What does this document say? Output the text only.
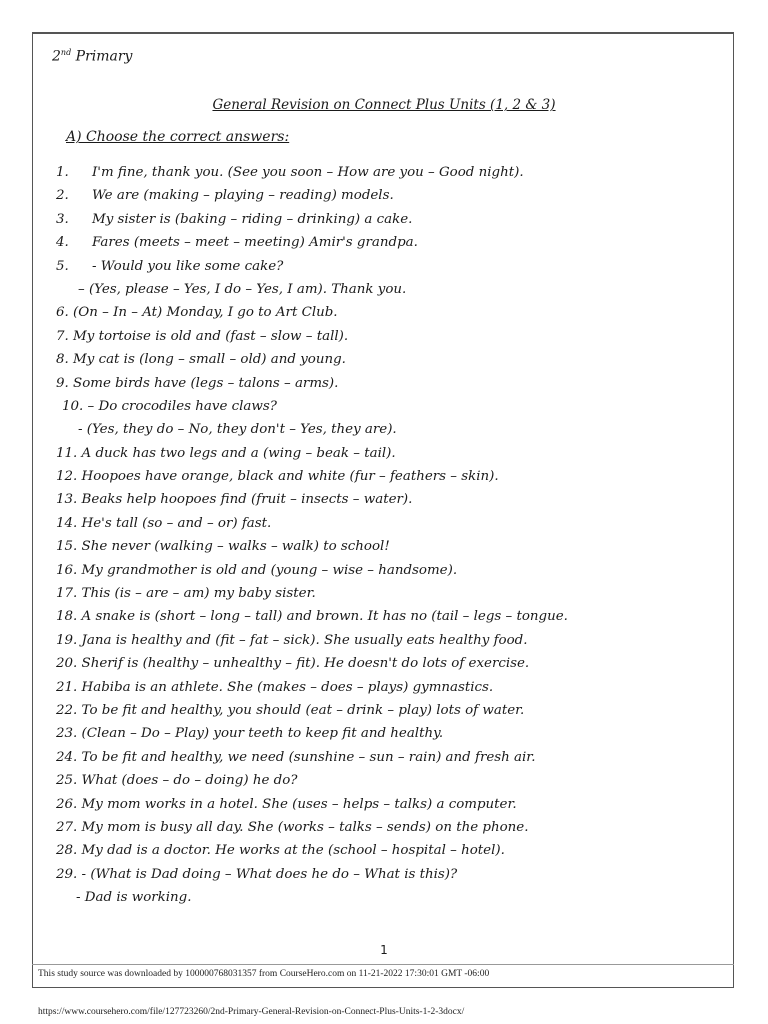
2nd Primary
General Revision on Connect Plus Units (1, 2 & 3)
A) Choose the correct answers:
1. I'm fine, thank you. (See you soon – How are you – Good night).
2. We are (making – playing – reading) models.
3. My sister is (baking – riding – drinking) a cake.
4. Fares (meets – meet – meeting) Amir's grandpa.
5. - Would you like some cake?
– (Yes, please – Yes, I do – Yes, I am). Thank you.
6. (On – In – At) Monday, I go to Art Club.
7. My tortoise is old and (fast – slow – tall).
8. My cat is (long – small – old) and young.
9. Some birds have (legs – talons – arms).
10. – Do crocodiles have claws?
- (Yes, they do – No, they don't – Yes, they are).
11. A duck has two legs and a (wing – beak – tail).
12. Hoopoes have orange, black and white (fur – feathers – skin).
13. Beaks help hoopoes find (fruit – insects – water).
14. He's tall (so – and – or) fast.
15. She never (walking – walks – walk) to school!
16. My grandmother is old and (young – wise – handsome).
17. This (is – are – am) my baby sister.
18. A snake is (short – long – tall) and brown. It has no (tail – legs – tongue.
19. Jana is healthy and (fit – fat – sick). She usually eats healthy food.
20. Sherif is (healthy – unhealthy – fit). He doesn't do lots of exercise.
21. Habiba is an athlete. She (makes – does – plays) gymnastics.
22. To be fit and healthy, you should (eat – drink – play) lots of water.
23. (Clean – Do – Play) your teeth to keep fit and healthy.
24. To be fit and healthy, we need (sunshine – sun – rain) and fresh air.
25. What (does – do – doing) he do?
26. My mom works in a hotel. She (uses – helps – talks) a computer.
27. My mom is busy all day. She (works – talks – sends) on the phone.
28. My dad is a doctor. He works at the (school – hospital – hotel).
29. - (What is Dad doing – What does he do – What is this)?
- Dad is working.
1
This study source was downloaded by 100000768031357 from CourseHero.com on 11-21-2022 17:30:01 GMT -06:00
https://www.coursehero.com/file/127723260/2nd-Primary-General-Revision-on-Connect-Plus-Units-1-2-3docx/
